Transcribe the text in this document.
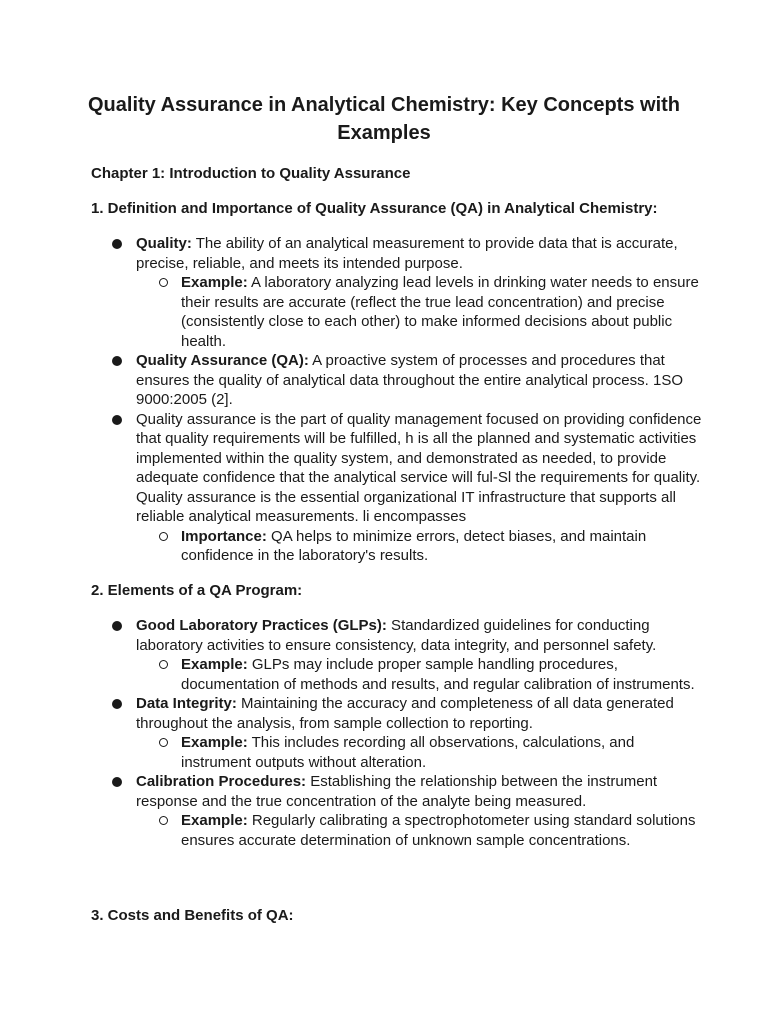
Quality Assurance in Analytical Chemistry: Key Concepts with Examples

Chapter 1: Introduction to Quality Assurance

1. Definition and Importance of Quality Assurance (QA) in Analytical Chemistry:

Quality: The ability of an analytical measurement to provide data that is accurate, precise, reliable, and meets its intended purpose.
Example: A laboratory analyzing lead levels in drinking water needs to ensure their results are accurate (reflect the true lead concentration) and precise (consistently close to each other) to make informed decisions about public health.
Quality Assurance (QA): A proactive system of processes and procedures that ensures the quality of analytical data throughout the entire analytical process. 1SO 9000:2005 (2].
Quality assurance is the part of quality management focused on providing confidence that quality requirements will be fulfilled, h is all the planned and systematic activities implemented within the quality system, and demonstrated as needed, to provide adequate confidence that the analytical service will ful-Sl the requirements for quality. Quality assurance is the essential organizational IT infrastructure that supports all reliable analytical measurements. li encompasses
Importance: QA helps to minimize errors, detect biases, and maintain confidence in the laboratory's results.

2. Elements of a QA Program:

Good Laboratory Practices (GLPs): Standardized guidelines for conducting laboratory activities to ensure consistency, data integrity, and personnel safety.
Example: GLPs may include proper sample handling procedures, documentation of methods and results, and regular calibration of instruments.
Data Integrity: Maintaining the accuracy and completeness of all data generated throughout the analysis, from sample collection to reporting.
Example: This includes recording all observations, calculations, and instrument outputs without alteration.
Calibration Procedures: Establishing the relationship between the instrument response and the true concentration of the analyte being measured.
Example: Regularly calibrating a spectrophotometer using standard solutions ensures accurate determination of unknown sample concentrations.

3. Costs and Benefits of QA:
